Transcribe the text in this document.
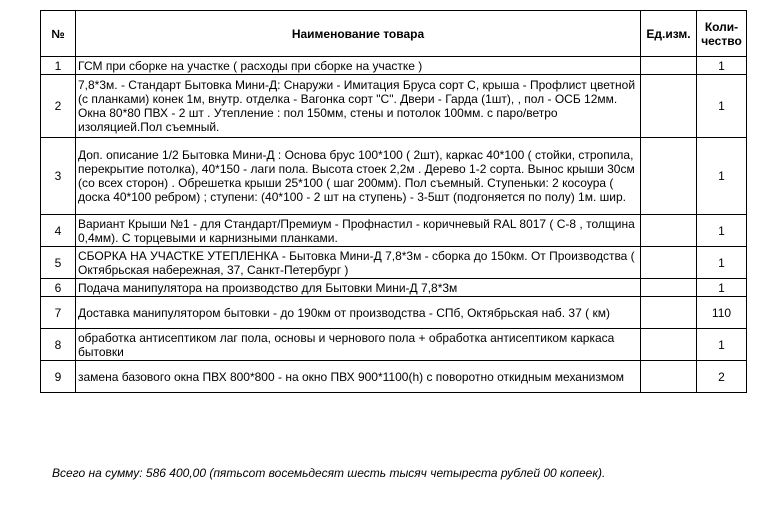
№	Наименование товара	Ед.изм.	Коли-
чество
1	ГСМ при сборке на участке ( расходы при сборке на участке )		1
2	7,8*3м. - Стандарт Бытовка Мини-Д: Снаружи - Имитация Бруса сорт С, крыша - Профлист цветной (с планками) конек 1м, внутр. отделка - Вагонка сорт "С". Двери - Гарда (1шт), , пол - ОСБ 12мм. Окна 80*80 ПВХ - 2 шт . Утепление : пол 150мм, стены и потолок 100мм. с паро/ветро изоляцией.Пол съемный.		1
3	Доп. описание 1/2 Бытовка Мини-Д : Основа брус 100*100 ( 2шт), каркас 40*100 ( стойки, стропила, перекрытие потолка), 40*150 - лаги пола. Высота стоек 2,2м . Дерево 1-2 сорта. Вынос крыши 30см (со всех сторон) . Обрешетка крыши 25*100 ( шаг 200мм). Пол съемный. Ступеньки: 2 косоура ( доска 40*100 ребром) ; ступени: (40*100 - 2 шт на ступень) - 3-5шт (подгоняется по полу) 1м. шир.		1
4	Вариант Крыши №1 - для Стандарт/Премиум - Профнастил - коричневый RAL 8017 ( С-8 , толщина 0,4мм). С торцевыми и карнизными планками.		1
5	СБОРКА НА УЧАСТКЕ УТЕПЛЕНКА - Бытовка Мини-Д 7,8*3м - сборка до 150км. От Производства ( Октябрьская набережная, 37, Санкт-Петербург )		1
6	Подача манипулятора на производство для Бытовки Мини-Д 7,8*3м		1
7	Доставка манипулятором бытовки - до 190км от производства - СПб, Октябрьская наб. 37 ( км)		110
8	обработка антисептиком лаг пола, основы и чернового пола + обработка антисептиком каркаса бытовки		1
9	замена базового окна ПВХ 800*800 - на окно ПВХ 900*1100(h) с поворотно откидным механизмом		2
Всего на сумму: 586 400,00 (пятьсот восемьдесят шесть тысяч четыреста рублей 00 копеек).
